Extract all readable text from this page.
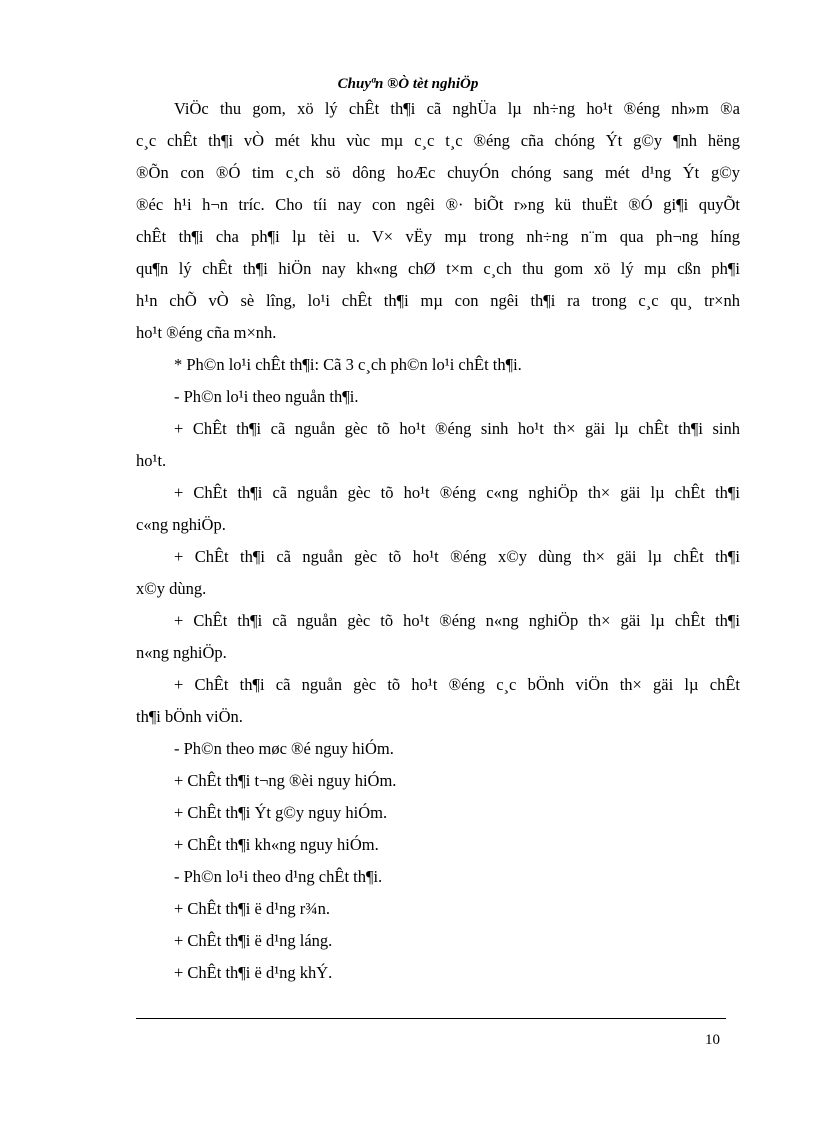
Chuyªn ®Ò tèt nghiÖp
ViÖc thu gom, xö lý chÊt th¶i cã nghÜa lµ nh÷ng ho¹t ®éng nh»m ®a
c¸c chÊt th¶i vÒ mét khu vùc mµ c¸c t¸c ®éng cña chóng Ýt g©y ¶nh hëng
®Õn con ®Ó tim c¸ch sö dông hoÆc chuyÓn chóng sang mét d¹ng Ýt g©y
®éc h¹i h¬n tríc. Cho tíi nay con ngêi ®· biÕt r»ng kü thuËt ®Ó gi¶i quyÕt
chÊt th¶i cha ph¶i lµ tèi u. V× vËy mµ trong nh÷ng n¨m qua ph¬ng híng
qu¶n lý chÊt th¶i hiÖn nay kh«ng chØ t×m c¸ch thu gom xö lý mµ cßn ph¶i
h¹n chÕ vÒ sè lîng, lo¹i chÊt th¶i mµ con ngêi th¶i ra trong c¸c qu¸ tr×nh
ho¹t ®éng cña m×nh.
* Ph©n lo¹i chÊt th¶i: Cã 3 c¸ch ph©n lo¹i chÊt th¶i.
- Ph©n lo¹i theo nguån th¶i.
+ ChÊt th¶i cã nguån gèc tõ ho¹t ®éng sinh ho¹t th× gäi lµ chÊt th¶i sinh
ho¹t.
+ ChÊt th¶i cã nguån gèc tõ ho¹t ®éng c«ng nghiÖp th× gäi lµ chÊt th¶i
c«ng nghiÖp.
+ ChÊt th¶i cã nguån gèc tõ ho¹t ®éng x©y dùng th× gäi lµ chÊt th¶i
x©y dùng.
+ ChÊt th¶i cã nguån gèc tõ ho¹t ®éng n«ng nghiÖp th× gäi lµ chÊt th¶i
n«ng nghiÖp.
+ ChÊt th¶i cã nguån gèc tõ ho¹t ®éng c¸c bÖnh viÖn th× gäi lµ chÊt
th¶i bÖnh viÖn.
- Ph©n theo møc ®é nguy hiÓm.
+ ChÊt th¶i t¬ng ®èi nguy hiÓm.
+ ChÊt th¶i Ýt g©y nguy hiÓm.
+ ChÊt th¶i kh«ng nguy hiÓm.
- Ph©n lo¹i theo d¹ng chÊt th¶i.
+ ChÊt th¶i ë d¹ng r¾n.
+ ChÊt th¶i ë d¹ng láng.
+ ChÊt th¶i ë d¹ng khÝ.
10
